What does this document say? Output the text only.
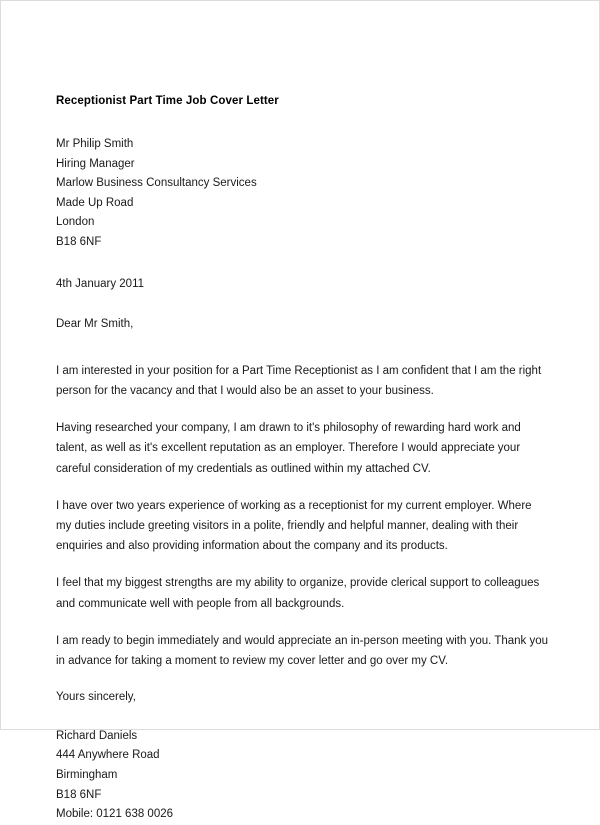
Receptionist Part Time Job Cover Letter
Mr Philip Smith
Hiring Manager
Marlow Business Consultancy Services
Made Up Road
London
B18 6NF

4th January 2011

Dear Mr Smith,

I am interested in your position for a Part Time Receptionist as I am confident that I am the right person for the vacancy and that I would also be an asset to your business.

Having researched your company, I am drawn to it's philosophy of rewarding hard work and talent, as well as it's excellent reputation as an employer. Therefore I would appreciate your careful consideration of my credentials as outlined within my attached CV.

I have over two years experience of working as a receptionist for my current employer. Where my duties include greeting visitors in a polite, friendly and helpful manner, dealing with their enquiries and also providing information about the company and its products.

I feel that my biggest strengths are my ability to organize, provide clerical support to colleagues and communicate well with people from all backgrounds.

I am ready to begin immediately and would appreciate an in-person meeting with you. Thank you in advance for taking a moment to review my cover letter and go over my CV.

Yours sincerely,

Richard Daniels
444 Anywhere Road
Birmingham
B18 6NF
Mobile: 0121 638 0026
